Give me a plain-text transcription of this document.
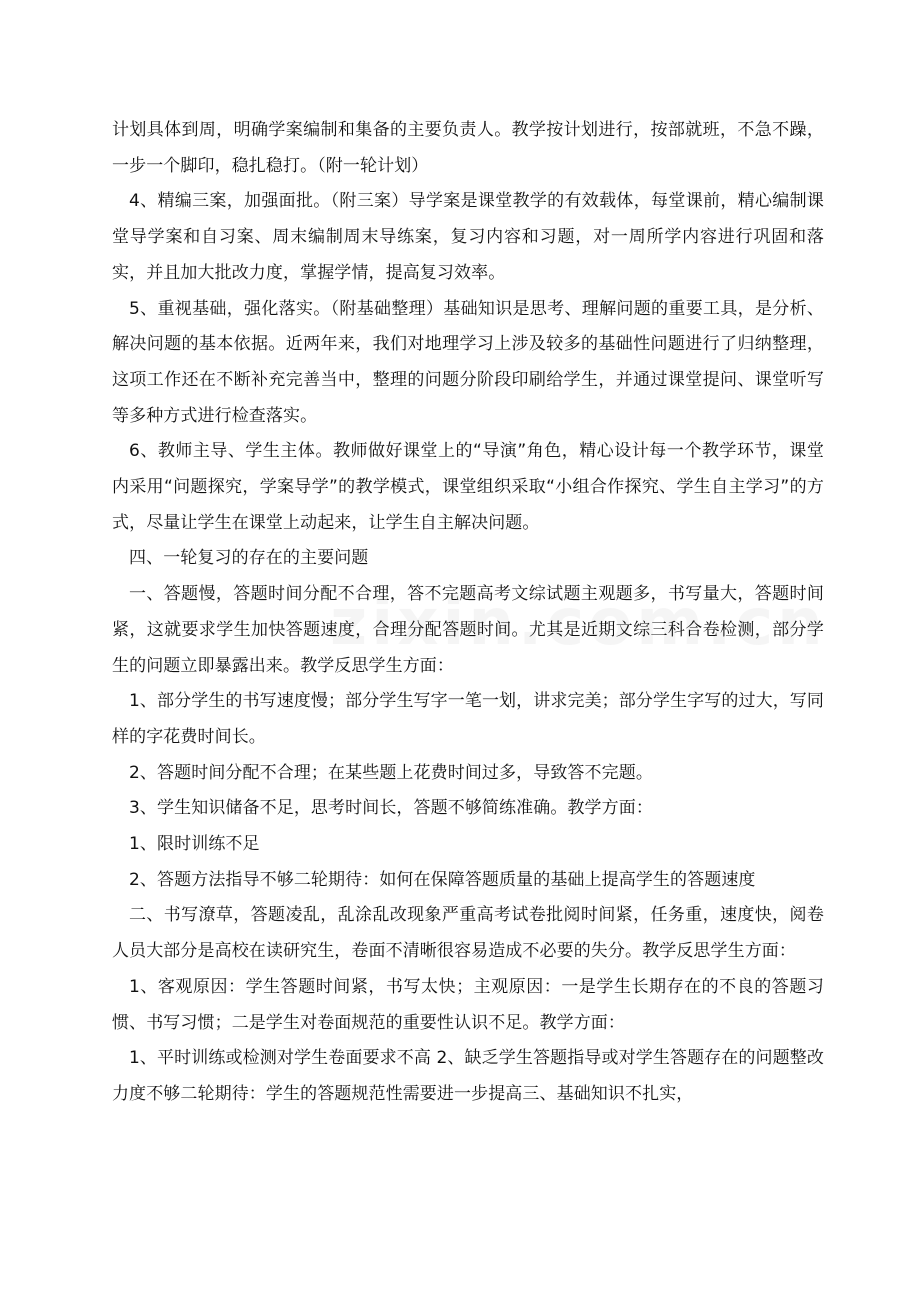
计划具体到周，明确学案编制和集备的主要负责人。教学按计划进行，按部就班，不急不躁，一步一个脚印，稳扎稳打。（附一轮计划）

4、精编三案，加强面批。（附三案）导学案是课堂教学的有效载体，每堂课前，精心编制课堂导学案和自习案、周末编制周末导练案，复习内容和习题，对一周所学内容进行巩固和落实，并且加大批改力度，掌握学情，提高复习效率。

5、重视基础，强化落实。（附基础整理）基础知识是思考、理解问题的重要工具，是分析、解决问题的基本依据。近两年来，我们对地理学习上涉及较多的基础性问题进行了归纳整理，这项工作还在不断补充完善当中，整理的问题分阶段印刷给学生，并通过课堂提问、课堂听写等多种方式进行检查落实。

6、教师主导、学生主体。教师做好课堂上的“导演”角色，精心设计每一个教学环节，课堂内采用“问题探究，学案导学”的教学模式，课堂组织采取“小组合作探究、学生自主学习”的方式，尽量让学生在课堂上动起来，让学生自主解决问题。

四、一轮复习的存在的主要问题

一、答题慢，答题时间分配不合理，答不完题高考文综试题主观题多，书写量大，答题时间紧，这就要求学生加快答题速度，合理分配答题时间。尤其是近期文综三科合卷检测，部分学生的问题立即暴露出来。教学反思学生方面：

1、部分学生的书写速度慢；部分学生写字一笔一划，讲求完美；部分学生字写的过大，写同样的字花费时间长。

2、答题时间分配不合理；在某些题上花费时间过多，导致答不完题。

3、学生知识储备不足，思考时间长，答题不够简练准确。教学方面：

1、限时训练不足

2、答题方法指导不够二轮期待：如何在保障答题质量的基础上提高学生的答题速度

二、书写潦草，答题凌乱，乱涂乱改现象严重高考试卷批阅时间紧，任务重，速度快，阅卷人员大部分是高校在读研究生，卷面不清晰很容易造成不必要的失分。教学反思学生方面：

1、客观原因：学生答题时间紧，书写太快；主观原因：一是学生长期存在的不良的答题习惯、书写习惯；二是学生对卷面规范的重要性认识不足。教学方面：

1、平时训练或检测对学生卷面要求不高 2、缺乏学生答题指导或对学生答题存在的问题整改力度不够二轮期待：学生的答题规范性需要进一步提高三、基础知识不扎实，
